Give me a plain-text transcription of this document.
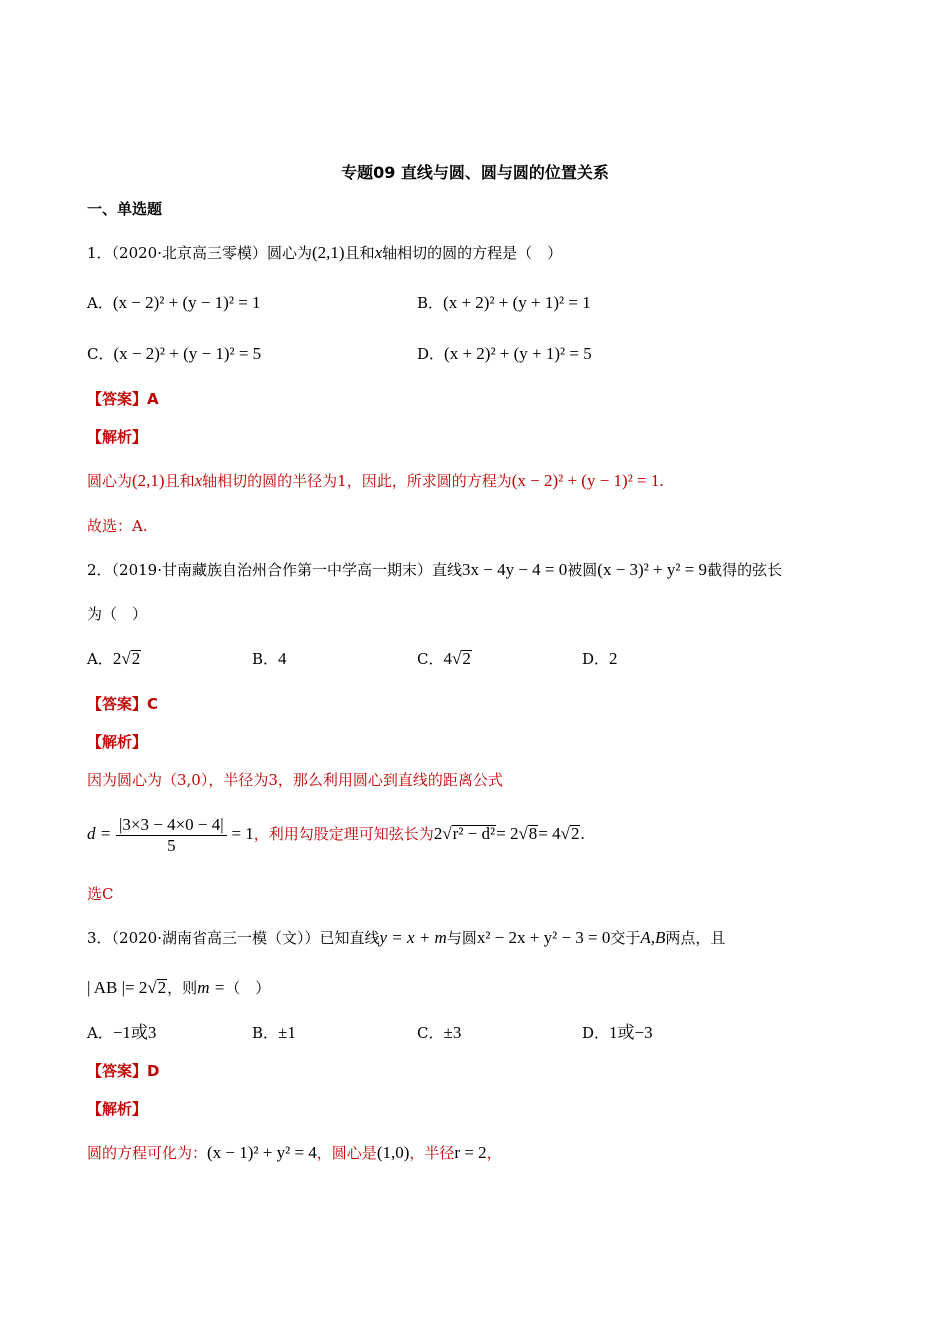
专题09 直线与圆、圆与圆的位置关系
一、单选题
1．（2020·北京高三零模）圆心为(2,1)且和x轴相切的圆的方程是（　）
A．(x − 2)² + (y − 1)² = 1	B．(x + 2)² + (y + 1)² = 1
C．(x − 2)² + (y − 1)² = 5	D．(x + 2)² + (y + 1)² = 5
【答案】A
【解析】
圆心为(2,1)且和x轴相切的圆的半径为1，因此，所求圆的方程为(x − 2)² + (y − 1)² = 1.
故选：A.
2．（2019·甘南藏族自治州合作第一中学高一期末）直线3x − 4y − 4 = 0被圆(x − 3)² + y² = 9截得的弦长
为（　）
A．2√2	B．4	C．4√2	D．2
【答案】C
【解析】
因为圆心为（3,0），半径为3，那么利用圆心到直线的距离公式
$d = \frac{|3\times 3 - 4\times 0 - 4|}{5} = 1$，利用勾股定理可知弦长为2√r² − d²= 2√8= 4√2.
选C
3．（2020·湖南省高三一模（文））已知直线y = x + m与圆x² − 2x + y² − 3 = 0交于A,B两点，且
| AB |= 2√2，则m =（　）
A．−1或3	B．±1	C．±3	D．1或−3
【答案】D
【解析】
圆的方程可化为：(x − 1)² + y² = 4，圆心是(1,0)，半径r = 2，
